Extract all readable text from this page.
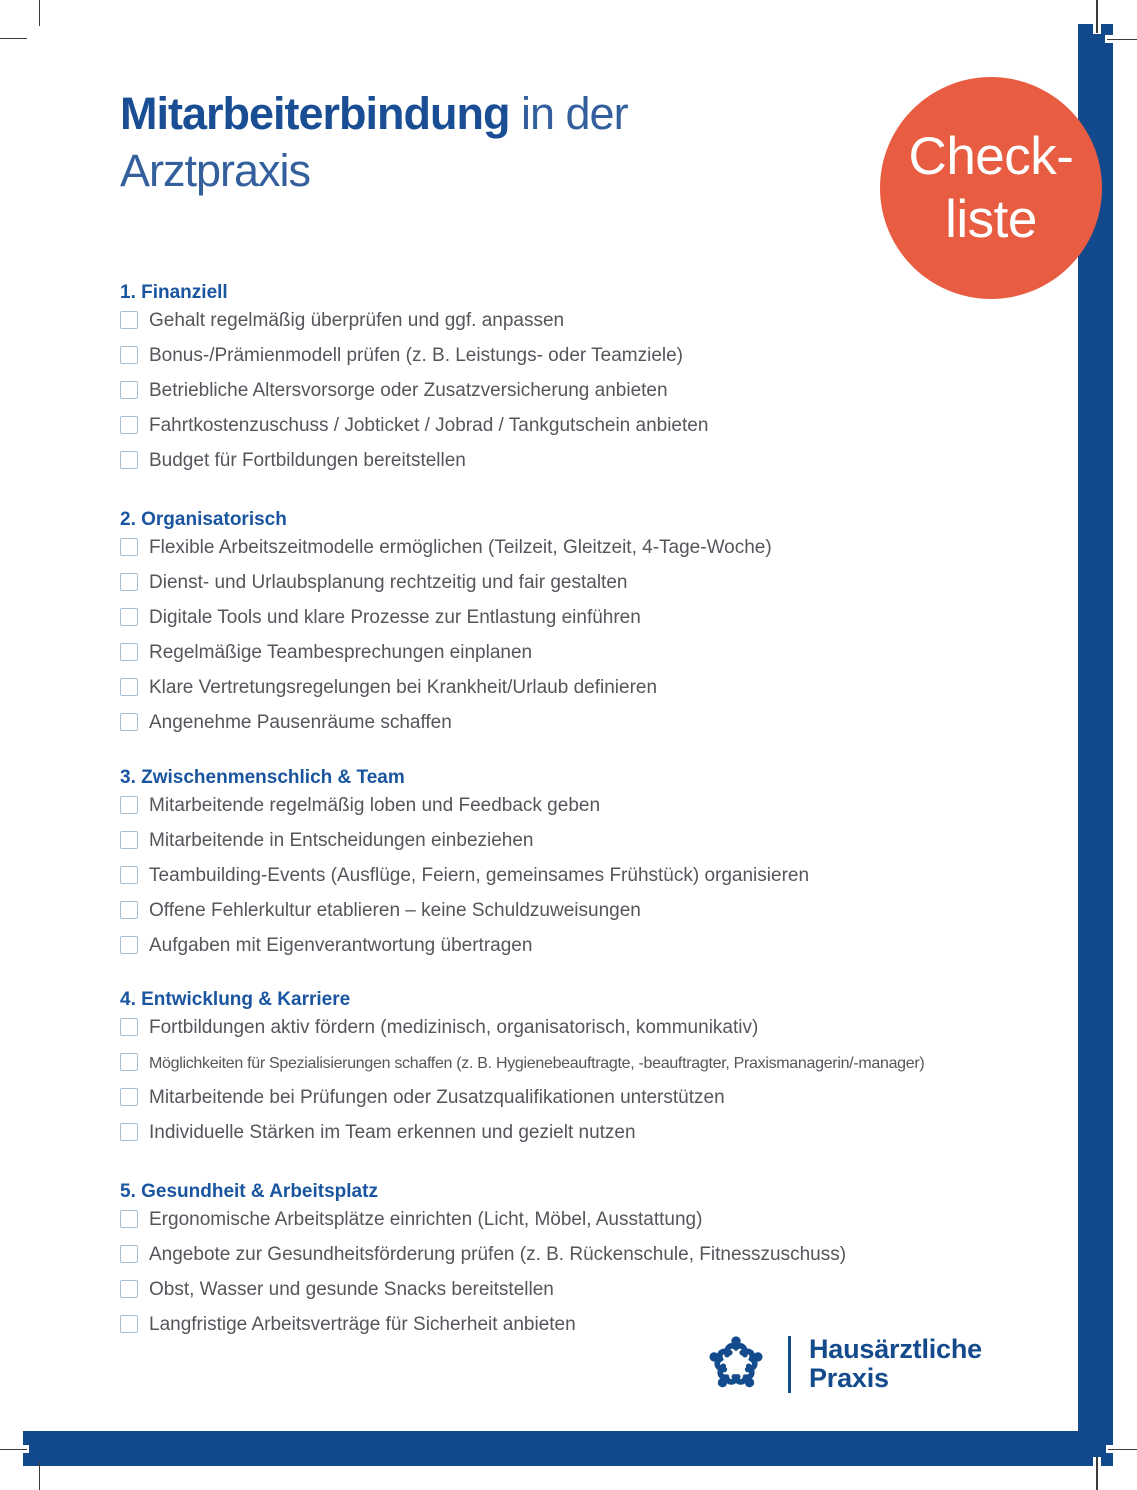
Check-
liste
Mitarbeiterbindung in der
Arztpraxis
1. Finanziell
Gehalt regelmäßig überprüfen und ggf. anpassen
Bonus-/Prämienmodell prüfen (z. B. Leistungs- oder Teamziele)
Betriebliche Altersvorsorge oder Zusatzversicherung anbieten
Fahrtkostenzuschuss / Jobticket / Jobrad / Tankgutschein anbieten
Budget für Fortbildungen bereitstellen
2. Organisatorisch
Flexible Arbeitszeitmodelle ermöglichen (Teilzeit, Gleitzeit, 4-Tage-Woche)
Dienst- und Urlaubsplanung rechtzeitig und fair gestalten
Digitale Tools und klare Prozesse zur Entlastung einführen
Regelmäßige Teambesprechungen einplanen
Klare Vertretungsregelungen bei Krankheit/Urlaub definieren
Angenehme Pausenräume schaffen
3. Zwischenmenschlich & Team
Mitarbeitende regelmäßig loben und Feedback geben
Mitarbeitende in Entscheidungen einbeziehen
Teambuilding-Events (Ausflüge, Feiern, gemeinsames Frühstück) organisieren
Offene Fehlerkultur etablieren – keine Schuldzuweisungen
Aufgaben mit Eigenverantwortung übertragen
4. Entwicklung & Karriere
Fortbildungen aktiv fördern (medizinisch, organisatorisch, kommunikativ)
Möglichkeiten für Spezialisierungen schaffen (z. B. Hygienebeauftragte, -beauftragter, Praxismanagerin/-manager)
Mitarbeitende bei Prüfungen oder Zusatzqualifikationen unterstützen
Individuelle Stärken im Team erkennen und gezielt nutzen
5. Gesundheit & Arbeitsplatz
Ergonomische Arbeitsplätze einrichten (Licht, Möbel, Ausstattung)
Angebote zur Gesundheitsförderung prüfen (z. B. Rückenschule, Fitnesszuschuss)
Obst, Wasser und gesunde Snacks bereitstellen
Langfristige Arbeitsverträge für Sicherheit anbieten
Hausärztliche
Praxis
